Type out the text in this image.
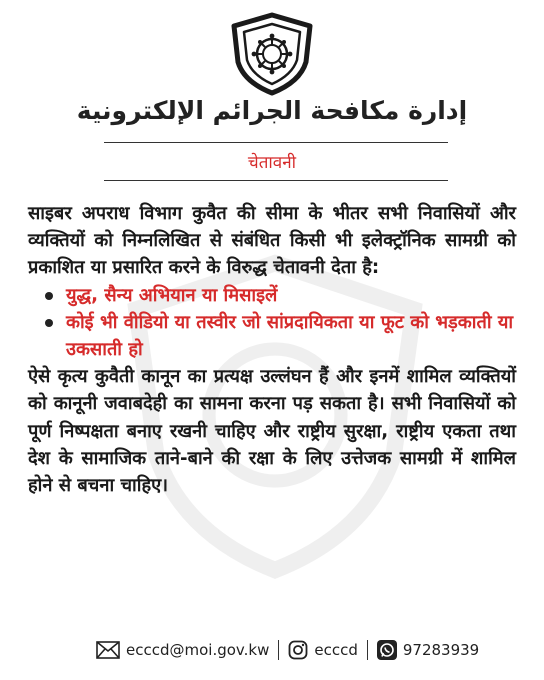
إدارة مكافحة الجرائم الإلكترونية
चेतावनी

साइबर अपराध विभाग कुवैत की सीमा के भीतर सभी निवासियों और व्यक्तियों को निम्नलिखित से संबंधित किसी भी इलेक्ट्रॉनिक सामग्री को प्रकाशित या प्रसारित करने के विरुद्ध चेतावनी देता है:

युद्ध, सैन्य अभियान या मिसाइलें
कोई भी वीडियो या तस्वीर जो सांप्रदायिकता या फूट को भड़काती या उकसाती हो

ऐसे कृत्य कुवैती कानून का प्रत्यक्ष उल्लंघन हैं और इनमें शामिल व्यक्तियों को कानूनी जवाबदेही का सामना करना पड़ सकता है। सभी निवासियों को पूर्ण निष्पक्षता बनाए रखनी चाहिए और राष्ट्रीय सुरक्षा, राष्ट्रीय एकता तथा देश के सामाजिक ताने-बाने की रक्षा के लिए उत्तेजक सामग्री में शामिल होने से बचना चाहिए।

ecccd@moi.gov.kw	ecccd	97283939
